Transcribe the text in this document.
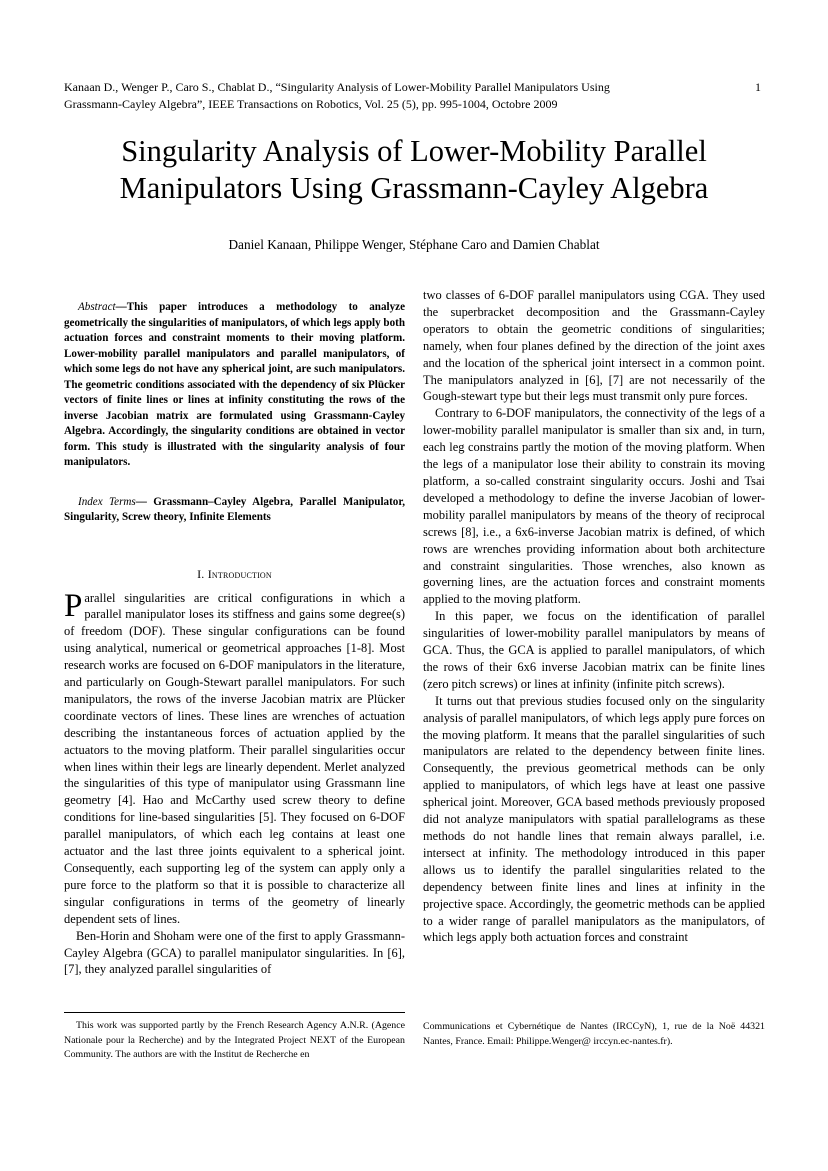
Kanaan D., Wenger P., Caro S., Chablat D., “Singularity Analysis of Lower-Mobility Parallel Manipulators Using
Grassmann-Cayley Algebra”, IEEE Transactions on Robotics, Vol. 25 (5), pp. 995-1004, Octobre 2009
1
Singularity Analysis of Lower-Mobility Parallel
Manipulators Using Grassmann-Cayley Algebra
Daniel Kanaan, Philippe Wenger, Stéphane Caro and Damien Chablat

Abstract—This paper introduces a methodology to analyze geometrically the singularities of manipulators, of which legs apply both actuation forces and constraint moments to their moving platform. Lower-mobility parallel manipulators and parallel manipulators, of which some legs do not have any spherical joint, are such manipulators. The geometric conditions associated with the dependency of six Plücker vectors of finite lines or lines at infinity constituting the rows of the inverse Jacobian matrix are formulated using Grassmann-Cayley Algebra. Accordingly, the singularity conditions are obtained in vector form. This study is illustrated with the singularity analysis of four manipulators.

Index Terms— Grassmann–Cayley Algebra, Parallel Manipulator, Singularity, Screw theory, Infinite Elements

I. Introduction

Parallel singularities are critical configurations in which a parallel manipulator loses its stiffness and gains some degree(s) of freedom (DOF). These singular configurations can be found using analytical, numerical or geometrical approaches [1-8]. Most research works are focused on 6-DOF manipulators in the literature, and particularly on Gough-Stewart parallel manipulators. For such manipulators, the rows of the inverse Jacobian matrix are Plücker coordinate vectors of lines. These lines are wrenches of actuation describing the instantaneous forces of actuation applied by the actuators to the moving platform. Their parallel singularities occur when lines within their legs are linearly dependent. Merlet analyzed the singularities of this type of manipulator using Grassmann line geometry [4]. Hao and McCarthy used screw theory to define conditions for line-based singularities [5]. They focused on 6-DOF parallel manipulators, of which each leg contains at least one actuator and the last three joints equivalent to a spherical joint. Consequently, each supporting leg of the system can apply only a pure force to the platform so that it is possible to characterize all singular configurations in terms of the geometry of linearly dependent sets of lines.

Ben-Horin and Shoham were one of the first to apply Grassmann-Cayley Algebra (GCA) to parallel manipulator singularities. In [6], [7], they analyzed parallel singularities of

two classes of 6-DOF parallel manipulators using CGA. They used the superbracket decomposition and the Grassmann-Cayley operators to obtain the geometric conditions of singularities; namely, when four planes defined by the direction of the joint axes and the location of the spherical joint intersect in a common point. The manipulators analyzed in [6], [7] are not necessarily of the Gough-stewart type but their legs must transmit only pure forces.

Contrary to 6-DOF manipulators, the connectivity of the legs of a lower-mobility parallel manipulator is smaller than six and, in turn, each leg constrains partly the motion of the moving platform. When the legs of a manipulator lose their ability to constrain its moving platform, a so-called constraint singularity occurs. Joshi and Tsai developed a methodology to define the inverse Jacobian of lower-mobility parallel manipulators by means of the theory of reciprocal screws [8], i.e., a 6x6-inverse Jacobian matrix is defined, of which rows are wrenches providing information about both architecture and constraint singularities. Those wrenches, also known as governing lines, are the actuation forces and constraint moments applied to the moving platform.

In this paper, we focus on the identification of parallel singularities of lower-mobility parallel manipulators by means of GCA. Thus, the GCA is applied to parallel manipulators, of which the rows of their 6x6 inverse Jacobian matrix can be finite lines (zero pitch screws) or lines at infinity (infinite pitch screws).

It turns out that previous studies focused only on the singularity analysis of parallel manipulators, of which legs apply pure forces on the moving platform. It means that the parallel singularities of such manipulators are related to the dependency between finite lines. Consequently, the previous geometrical methods can be only applied to manipulators, of which legs have at least one passive spherical joint. Moreover, GCA based methods previously proposed did not analyze manipulators with spatial parallelograms as these methods do not handle lines that remain always parallel, i.e. intersect at infinity. The methodology introduced in this paper allows us to identify the parallel singularities related to the dependency between finite lines and lines at infinity in the projective space. Accordingly, the geometric methods can be applied to a wider range of parallel manipulators as the manipulators, of which legs apply both actuation forces and constraint

This work was supported partly by the French Research Agency A.N.R. (Agence Nationale pour la Recherche) and by the Integrated Project NEXT of the European Community. The authors are with the Institut de Recherche en

Communications et Cybernétique de Nantes (IRCCyN), 1, rue de la Noë 44321 Nantes, France. Email: Philippe.Wenger@ irccyn.ec-nantes.fr).
